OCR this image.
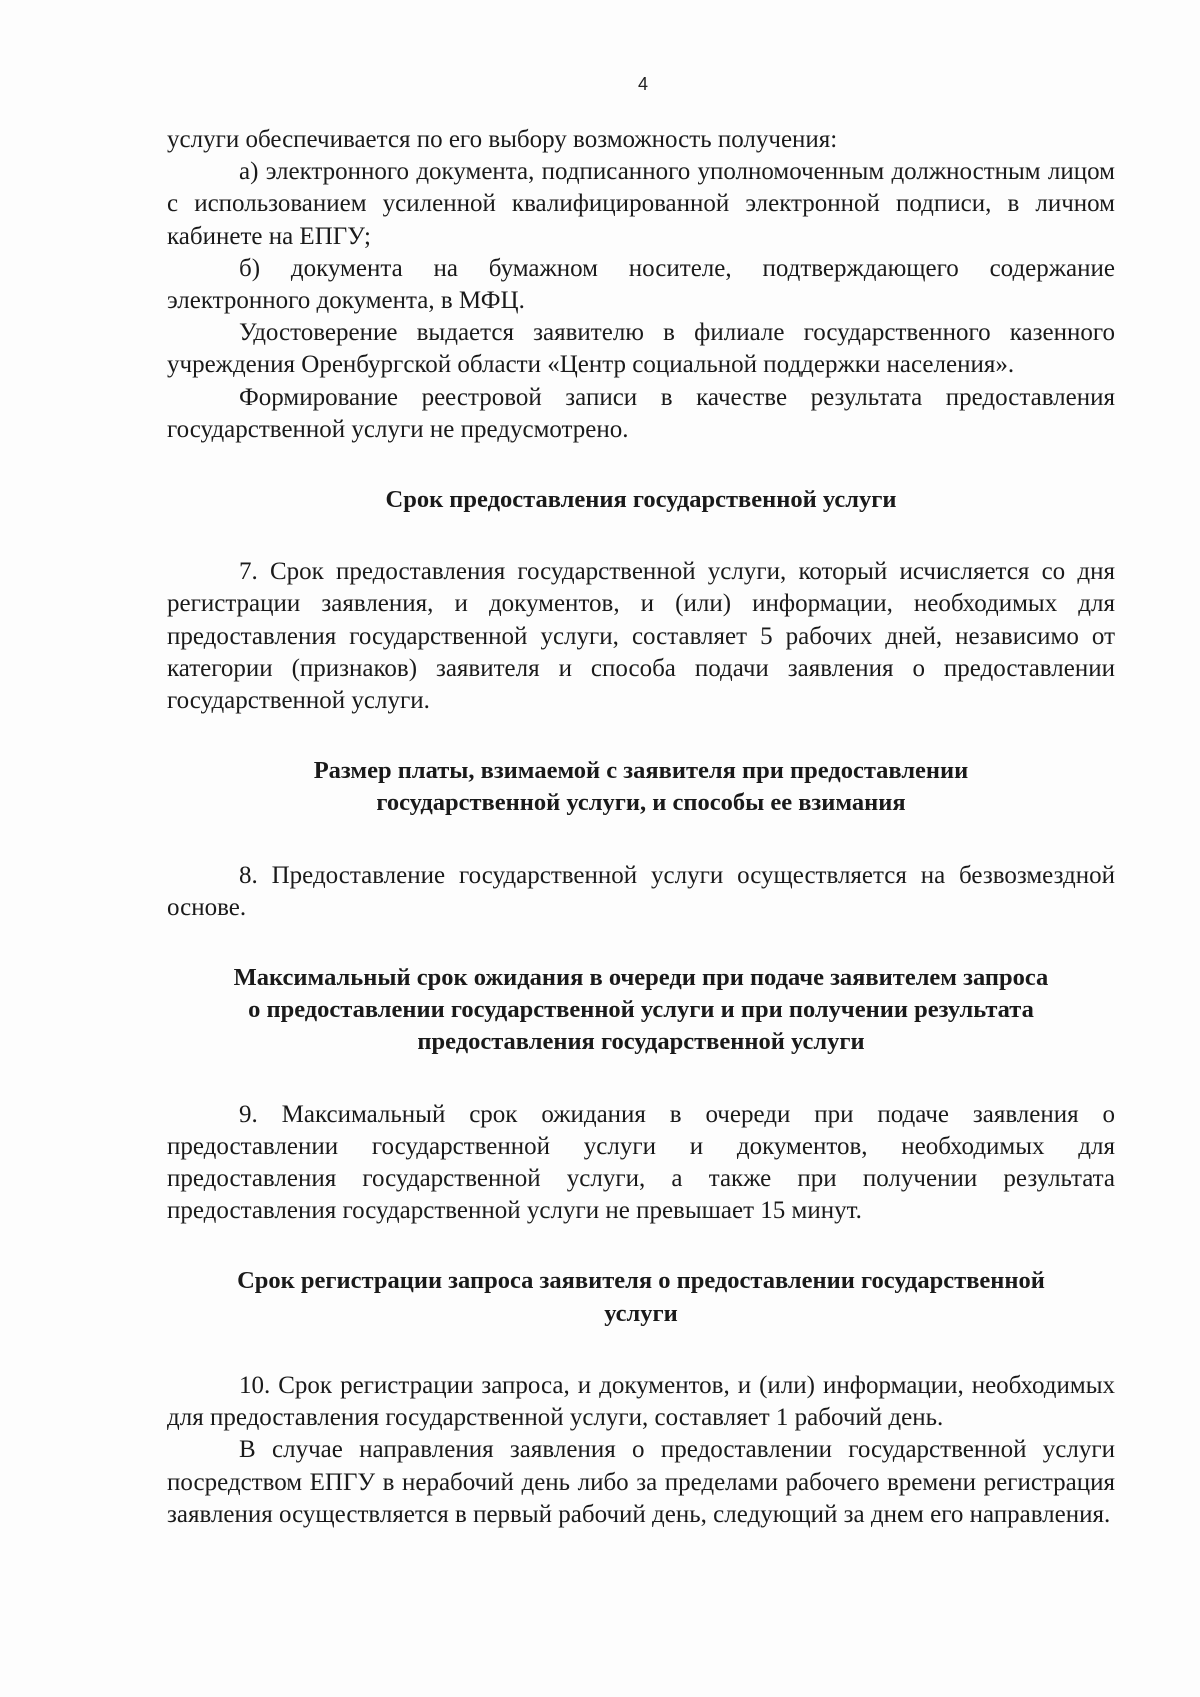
4

услуги обеспечивается по его выбору возможность получения:

а) электронного документа, подписанного уполномоченным должностным лицом с использованием усиленной квалифицированной электронной подписи, в личном кабинете на ЕПГУ;

б) документа на бумажном носителе, подтверждающего содержание электронного документа, в МФЦ.

Удостоверение выдается заявителю в филиале государственного казенного учреждения Оренбургской области «Центр социальной поддержки населения».

Формирование реестровой записи в качестве результата предоставления государственной услуги не предусмотрено.

Срок предоставления государственной услуги

7. Срок предоставления государственной услуги, который исчисляется со дня регистрации заявления, и документов, и (или) информации, необходимых для предоставления государственной услуги, составляет 5 рабочих дней, независимо от категории (признаков) заявителя и способа подачи заявления о предоставлении государственной услуги.

Размер платы, взимаемой с заявителя при предоставлении
государственной услуги, и способы ее взимания

8. Предоставление государственной услуги осуществляется на безвозмездной основе.

Максимальный срок ожидания в очереди при подаче заявителем запроса
о предоставлении государственной услуги и при получении результата
предоставления государственной услуги

9. Максимальный срок ожидания в очереди при подаче заявления о предоставлении государственной услуги и документов, необходимых для предоставления государственной услуги, а также при получении результата предоставления государственной услуги не превышает 15 минут.

Срок регистрации запроса заявителя о предоставлении государственной
услуги

10. Срок регистрации запроса, и документов, и (или) информации, необходимых для предоставления государственной услуги, составляет 1 рабочий день.

В случае направления заявления о предоставлении государственной услуги посредством ЕПГУ в нерабочий день либо за пределами рабочего времени регистрация заявления осуществляется в первый рабочий день, следующий за днем его направления.
